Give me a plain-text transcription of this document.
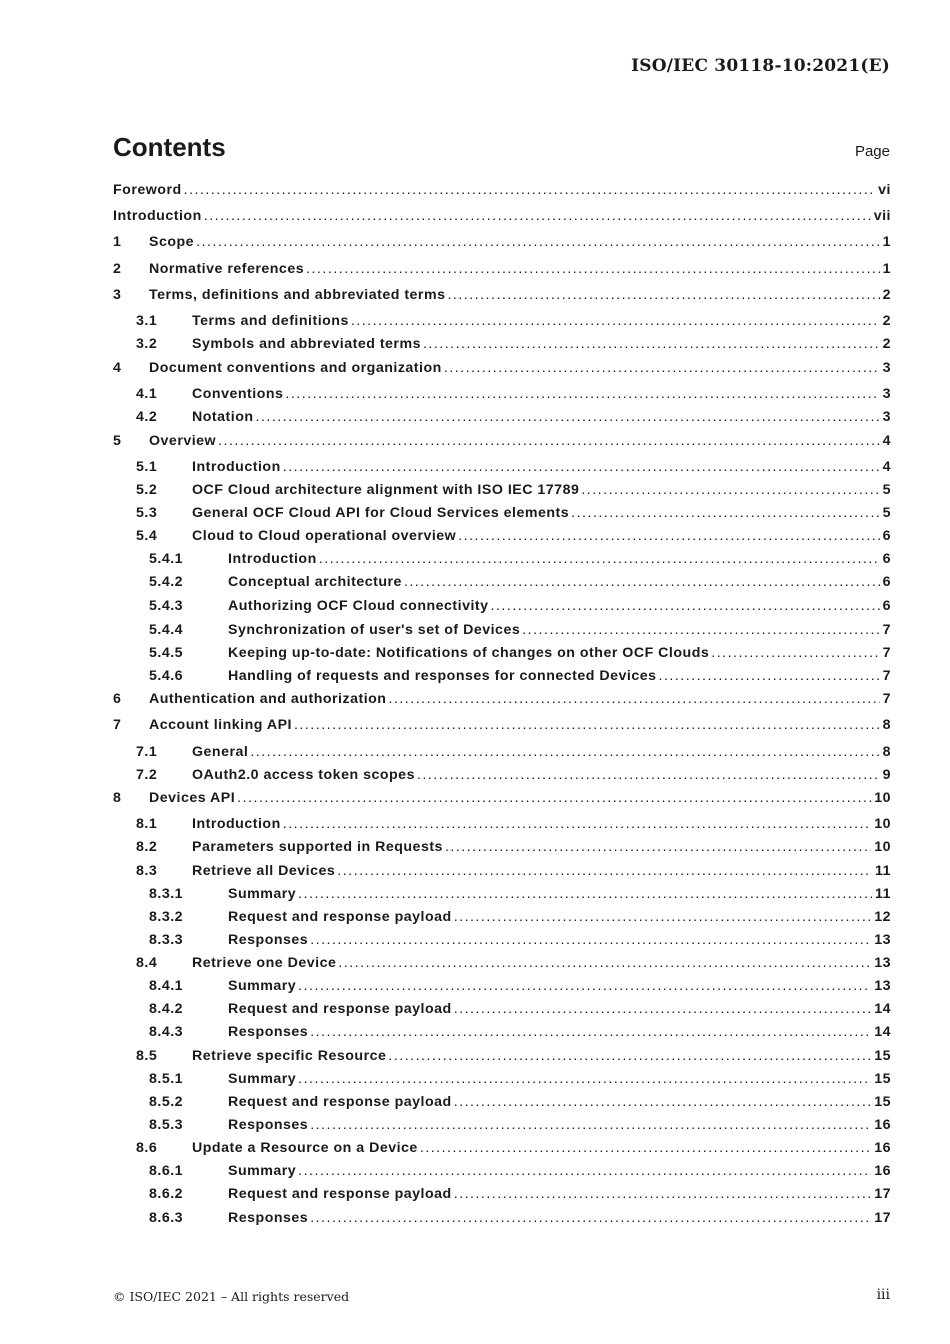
ISO/IEC 30118-10:2021(E)
Contents	Page
Foreword .....	vi
Introduction .....	vii
1	Scope .....	1
2	Normative references .....	1
3	Terms, definitions and abbreviated terms .....	2
3.1	Terms and definitions .....	2
3.2	Symbols and abbreviated terms .....	2
4	Document conventions and organization .....	3
4.1	Conventions .....	3
4.2	Notation .....	3
5	Overview .....	4
5.1	Introduction .....	4
5.2	OCF Cloud architecture alignment with ISO IEC 17789 .....	5
5.3	General OCF Cloud API for Cloud Services elements .....	5
5.4	Cloud to Cloud operational overview .....	6
5.4.1	Introduction .....	6
5.4.2	Conceptual architecture .....	6
5.4.3	Authorizing OCF Cloud connectivity .....	6
5.4.4	Synchronization of user's set of Devices .....	7
5.4.5	Keeping up-to-date: Notifications of changes on other OCF Clouds .....	7
5.4.6	Handling of requests and responses for connected Devices .....	7
6	Authentication and authorization .....	7
7	Account linking API .....	8
7.1	General .....	8
7.2	OAuth2.0 access token scopes .....	9
8	Devices API .....	10
8.1	Introduction .....	10
8.2	Parameters supported in Requests .....	10
8.3	Retrieve all Devices .....	11
8.3.1	Summary .....	11
8.3.2	Request and response payload .....	12
8.3.3	Responses .....	13
8.4	Retrieve one Device .....	13
8.4.1	Summary .....	13
8.4.2	Request and response payload .....	14
8.4.3	Responses .....	14
8.5	Retrieve specific Resource .....	15
8.5.1	Summary .....	15
8.5.2	Request and response payload .....	15
8.5.3	Responses .....	16
8.6	Update a Resource on a Device .....	16
8.6.1	Summary .....	16
8.6.2	Request and response payload .....	17
8.6.3	Responses .....	17
© ISO/IEC 2021 – All rights reserved	iii
